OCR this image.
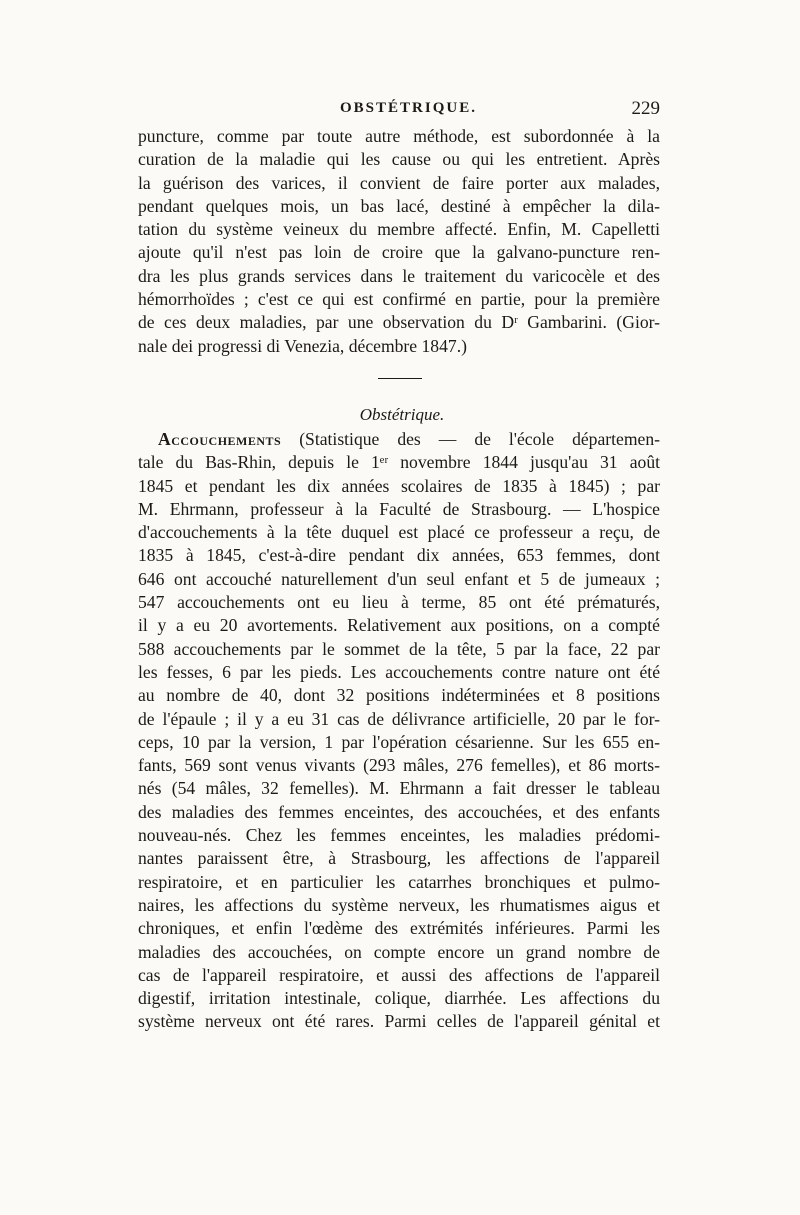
OBSTÉTRIQUE.	229
puncture, comme par toute autre méthode, est subordonnée à la
curation de la maladie qui les cause ou qui les entretient. Après
la guérison des varices, il convient de faire porter aux malades,
pendant quelques mois, un bas lacé, destiné à empêcher la dila-
tation du système veineux du membre affecté. Enfin, M. Capelletti
ajoute qu'il n'est pas loin de croire que la galvano-puncture ren-
dra les plus grands services dans le traitement du varicocèle et des
hémorrhoïdes ; c'est ce qui est confirmé en partie, pour la première
de ces deux maladies, par une observation du Dʳ Gambarini. (Gior-
nale dei progressi di Venezia, décembre 1847.)
Obstétrique.
Accouchements (Statistique des — de l'école départemen-
tale du Bas-Rhin, depuis le 1ᵉʳ novembre 1844 jusqu'au 31 août
1845 et pendant les dix années scolaires de 1835 à 1845) ; par
M. Ehrmann, professeur à la Faculté de Strasbourg. — L'hospice
d'accouchements à la tête duquel est placé ce professeur a reçu, de
1835 à 1845, c'est-à-dire pendant dix années, 653 femmes, dont
646 ont accouché naturellement d'un seul enfant et 5 de jumeaux ;
547 accouchements ont eu lieu à terme, 85 ont été prématurés,
il y a eu 20 avortements. Relativement aux positions, on a compté
588 accouchements par le sommet de la tête, 5 par la face, 22 par
les fesses, 6 par les pieds. Les accouchements contre nature ont été
au nombre de 40, dont 32 positions indéterminées et 8 positions
de l'épaule ; il y a eu 31 cas de délivrance artificielle, 20 par le for-
ceps, 10 par la version, 1 par l'opération césarienne. Sur les 655 en-
fants, 569 sont venus vivants (293 mâles, 276 femelles), et 86 morts-
nés (54 mâles, 32 femelles). M. Ehrmann a fait dresser le tableau
des maladies des femmes enceintes, des accouchées, et des enfants
nouveau-nés. Chez les femmes enceintes, les maladies prédomi-
nantes paraissent être, à Strasbourg, les affections de l'appareil
respiratoire, et en particulier les catarrhes bronchiques et pulmo-
naires, les affections du système nerveux, les rhumatismes aigus et
chroniques, et enfin l'œdème des extrémités inférieures. Parmi les
maladies des accouchées, on compte encore un grand nombre de
cas de l'appareil respiratoire, et aussi des affections de l'appareil
digestif, irritation intestinale, colique, diarrhée. Les affections du
système nerveux ont été rares. Parmi celles de l'appareil génital et
